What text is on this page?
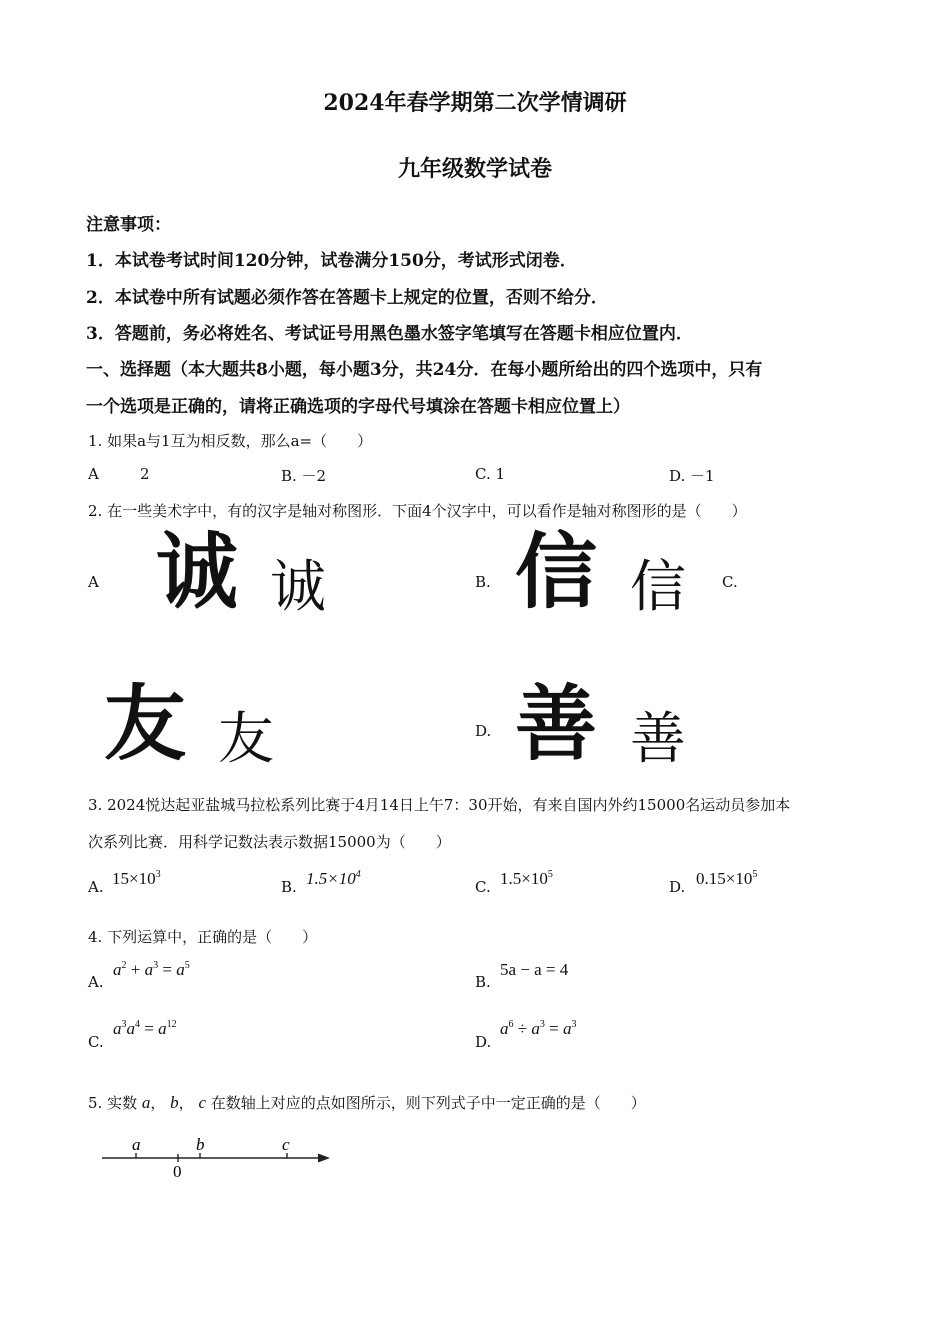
2024年春学期第二次学情调研
九年级数学试卷
注意事项：
1．本试卷考试时间120分钟，试卷满分150分，考试形式闭卷．
2．本试卷中所有试题必须作答在答题卡上规定的位置，否则不给分．
3．答题前，务必将姓名、考试证号用黑色墨水签字笔填写在答题卡相应位置内．
一、选择题（本大题共8小题，每小题3分，共24分．在每小题所给出的四个选项中，只有
一个选项是正确的，请将正确选项的字母代号填涂在答题卡相应位置上）
1. 如果a与1互为相反数，那么a=（　　）
A	2	B. －2	C. 1	D. －1
2. 在一些美术字中，有的汉字是轴对称图形．下面4个汉字中，可以看作是轴对称图形的是（　　）
A 诚 诚	B. 信 信 C.
友 友	D. 善 善
3. 2024悦达起亚盐城马拉松系列比赛于4月14日上午7：30开始，有来自国内外约15000名运动员参加本
次系列比赛．用科学记数法表示数据15000为（　　）
A. $15\times 10^3$
B. $1.5\times 10^4$
C. $1.5\times 10^5$
D. $0.15\times 10^5$
4. 下列运算中，正确的是（　　）
A.
$a^2 + a^3 = a^5$
B.
5a − a = 4
C.
$a^3a^4 = a^{12}$
D.
$a^6 \div a^3 = a^3$
5. 实数 a， b， c 在数轴上对应的点如图所示，则下列式子中一定正确的是（　　）
a	b	c
0
